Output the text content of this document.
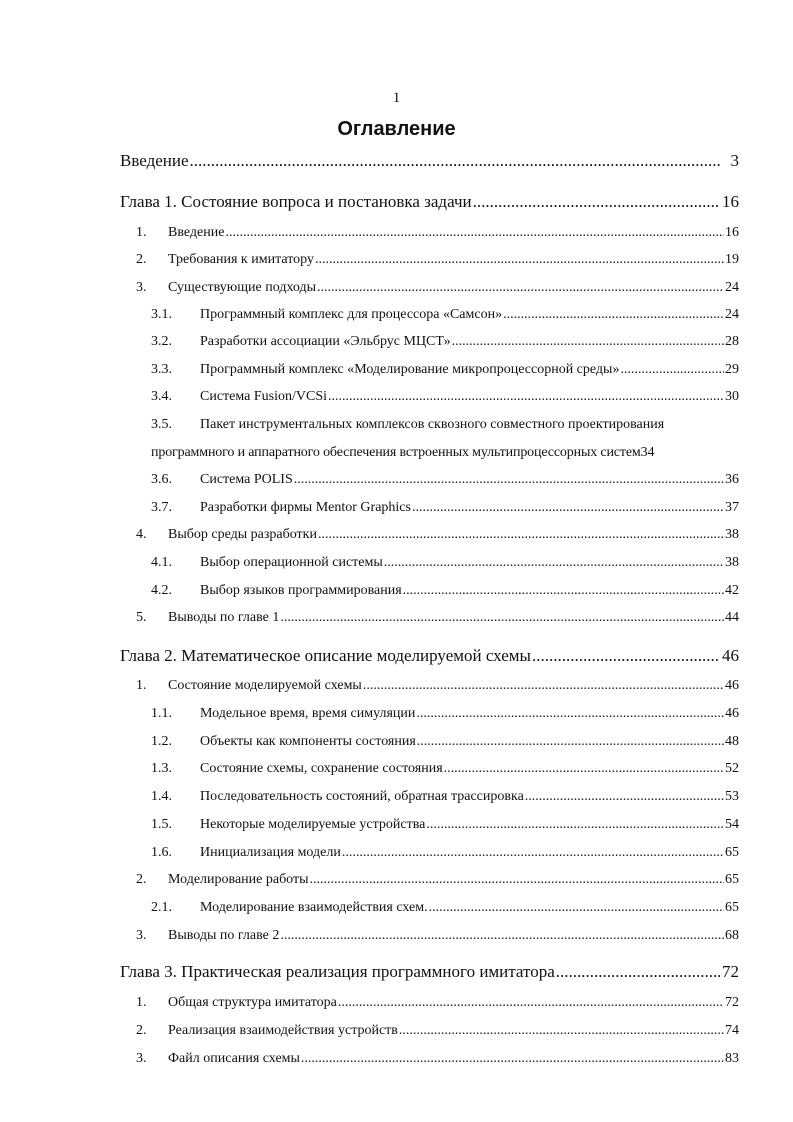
1
Оглавление
Введение .....	3
Глава 1. Состояние вопроса и постановка задачи .....	16
1.	Введение .....	16
2.	Требования к имитатору .....	19
3.	Существующие подходы .....	24
3.1.	Программный комплекс для процессора «Самсон» .....	24
3.2.	Разработки ассоциации «Эльбрус МЦСТ» .....	28
3.3.	Программный комплекс «Моделирование микропроцессорной среды» .....	29
3.4.	Система Fusion/VCSi .....	30
3.5. Пакет инструментальных комплексов сквозного совместного проектирования
программного и аппаратного обеспечения встроенных мультипроцессорных систем 34
3.6.	Система POLIS .....	36
3.7.	Разработки фирмы Mentor Graphics .....	37
4.	Выбор среды разработки .....	38
4.1.	Выбор операционной системы .....	38
4.2.	Выбор языков программирования .....	42
5.	Выводы по главе 1 .....	44
Глава 2. Математическое описание моделируемой схемы .....	46
1.	Состояние моделируемой схемы .....	46
1.1.	Модельное время, время симуляции .....	46
1.2.	Объекты как компоненты состояния .....	48
1.3.	Состояние схемы, сохранение состояния .....	52
1.4.	Последовательность состояний, обратная трассировка .....	53
1.5.	Некоторые моделируемые устройства .....	54
1.6.	Инициализация модели .....	65
2.	Моделирование работы .....	65
2.1.	Моделирование взаимодействия схем. .....	65
3.	Выводы по главе 2 .....	68
Глава 3. Практическая реализация программного имитатора .....	72
1.	Общая структура имитатора .....	72
2.	Реализация взаимодействия устройств .....	74
3.	Файл описания схемы .....	83
